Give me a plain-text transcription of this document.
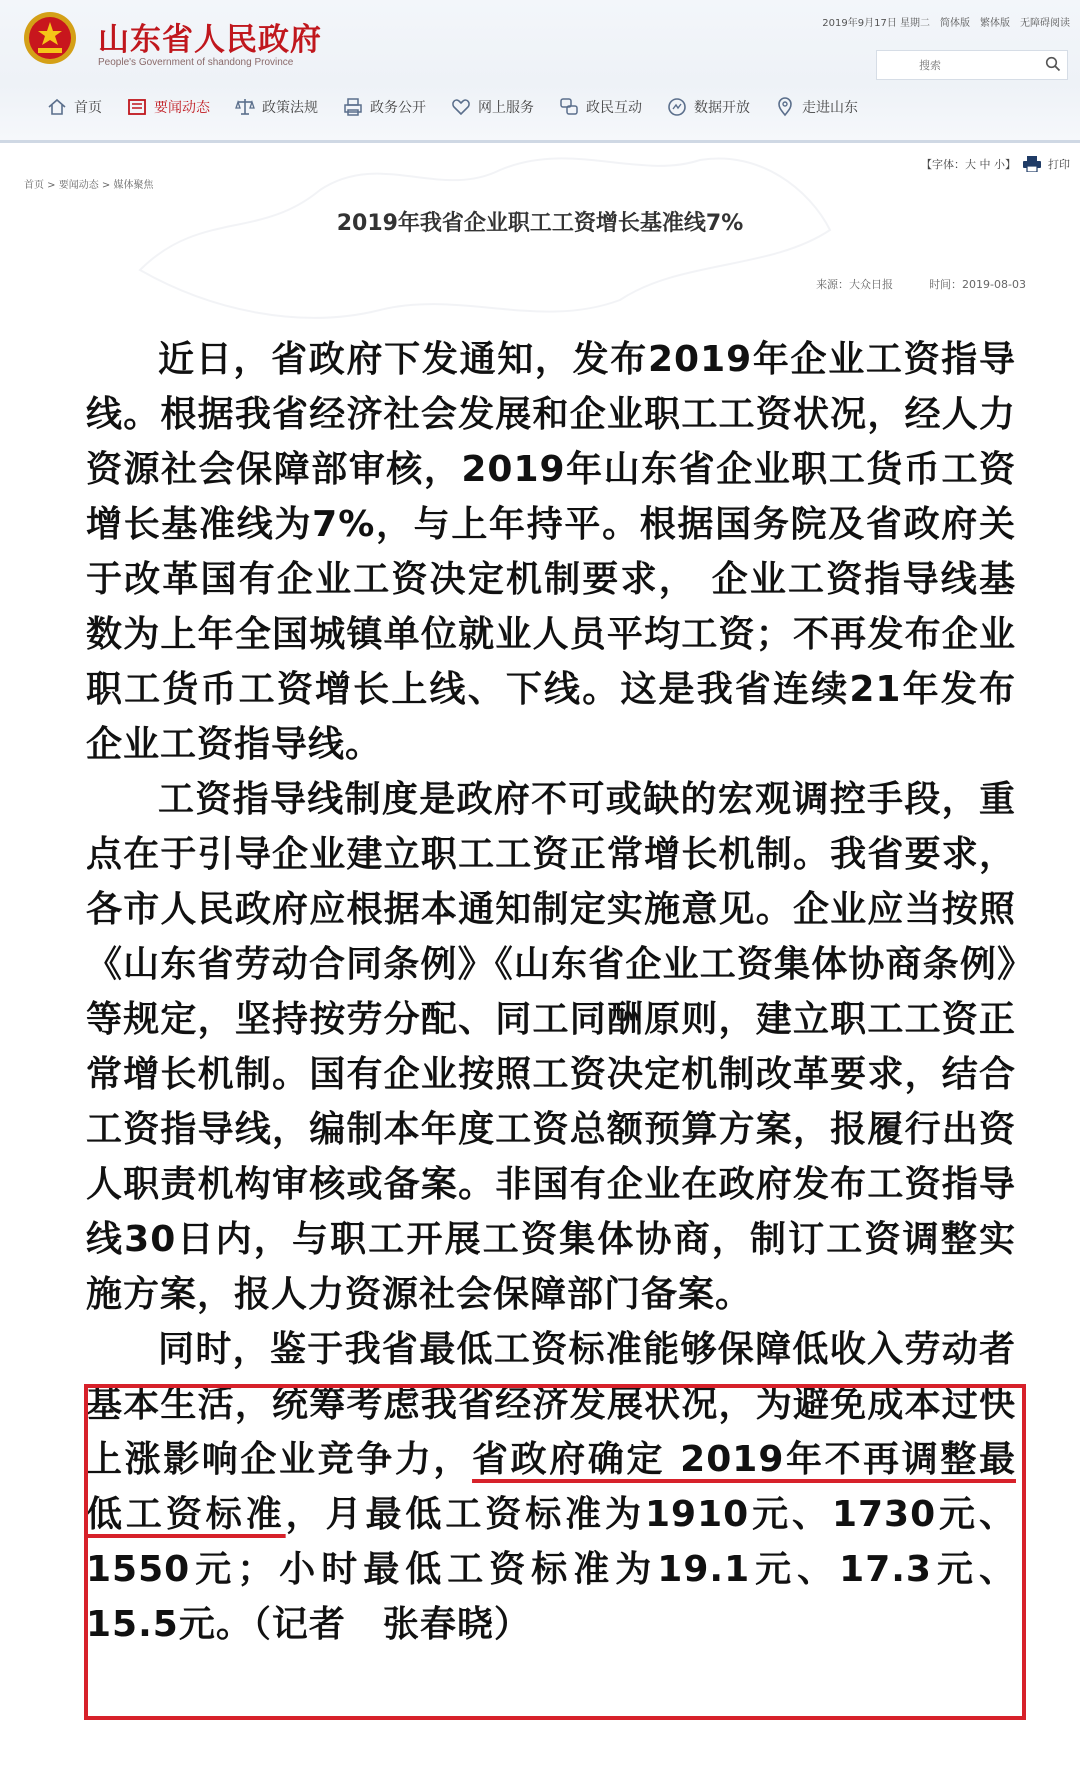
山东省人民政府
People's Government of shandong Province
2019年9月17日 星期二 简体版 繁体版 无障碍阅读
搜索
首页	要闻动态	政策法规	政务公开	网上服务	政民互动	数据开放	走进山东
首页 > 要闻动态 > 媒体聚焦
【字体：大 中 小】	打印
2019年我省企业职工工资增长基准线7%
来源：大众日报	时间：2019-08-03

近日，省政府下发通知，发布2019年企业工资指导线。根据我省经济社会发展和企业职工工资状况，经人力资源社会保障部审核，2019年山东省企业职工货币工资增长基准线为7%，与上年持平。根据国务院及省政府关于改革国有企业工资决定机制要求， 企业工资指导线基数为上年全国城镇单位就业人员平均工资；不再发布企业职工货币工资增长上线、下线。这是我省连续21年发布企业工资指导线。

工资指导线制度是政府不可或缺的宏观调控手段，重点在于引导企业建立职工工资正常增长机制。我省要求，各市人民政府应根据本通知制定实施意见。企业应当按照《山东省劳动合同条例》《山东省企业工资集体协商条例》等规定，坚持按劳分配、同工同酬原则，建立职工工资正常增长机制。国有企业按照工资决定机制改革要求，结合工资指导线，编制本年度工资总额预算方案，报履行出资人职责机构审核或备案。非国有企业在政府发布工资指导线30日内，与职工开展工资集体协商，制订工资调整实施方案，报人力资源社会保障部门备案。

同时，鉴于我省最低工资标准能够保障低收入劳动者基本生活，统筹考虑我省经济发展状况，为避免成本过快上涨影响企业竞争力，省政府确定 2019年不再调整最低工资标准，月最低工资标准为1910元、1730元、1550元；小时最低工资标准为19.1元、17.3元、15.5元。（记者　张春晓）
